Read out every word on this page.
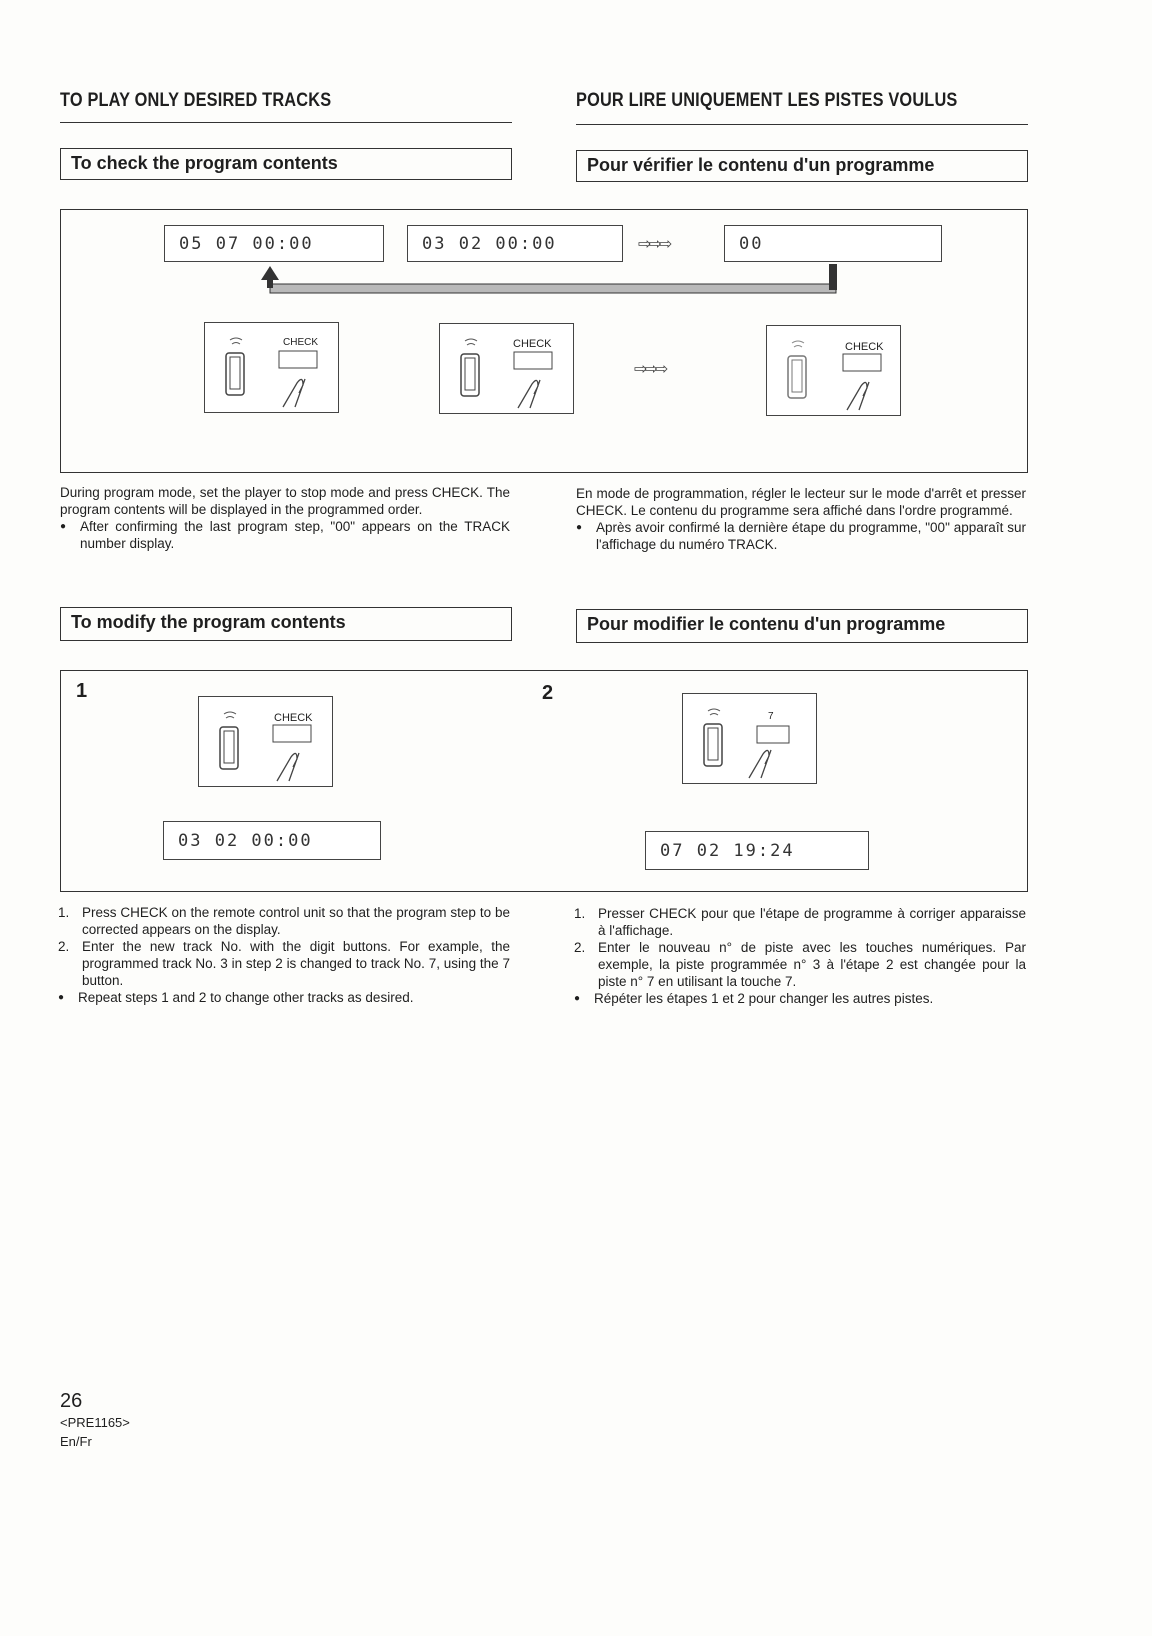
TO PLAY ONLY DESIRED TRACKS	POUR LIRE UNIQUEMENT LES PISTES VOULUS
To check the program contents	Pour vérifier le contenu d'un programme
05 07 00:00	03 02 00:00	⇨⇨⇨	00
CHECK	CHECK
⇨⇨⇨
CHECK
During program mode, set the player to stop mode and press CHECK. The program contents will be displayed in the programmed order.
● After confirming the last program step, "00" appears on the TRACK number display.
En mode de programmation, régler le lecteur sur le mode d'arrêt et presser CHECK. Le contenu du programme sera affiché dans l'ordre programmé.
● Après avoir confirmé la dernière étape du programme, "00" apparaît sur l'affichage du numéro TRACK.
To modify the program contents	Pour modifier le contenu d'un programme
1	2
CHECK	7
03 02 00:00	07 02 19:24
1. Press CHECK on the remote control unit so that the program step to be corrected appears on the display.
2. Enter the new track No. with the digit buttons. For example, the programmed track No. 3 in step 2 is changed to track No. 7, using the 7 button.
● Repeat steps 1 and 2 to change other tracks as desired.
1. Presser CHECK pour que l'étape de programme à corriger apparaisse à l'affichage.
2. Enter le nouveau n° de piste avec les touches numériques. Par exemple, la piste programmée n° 3 à l'étape 2 est changée pour la piste n° 7 en utilisant la touche 7.
● Répéter les étapes 1 et 2 pour changer les autres pistes.
26
<PRE1165>
En/Fr
